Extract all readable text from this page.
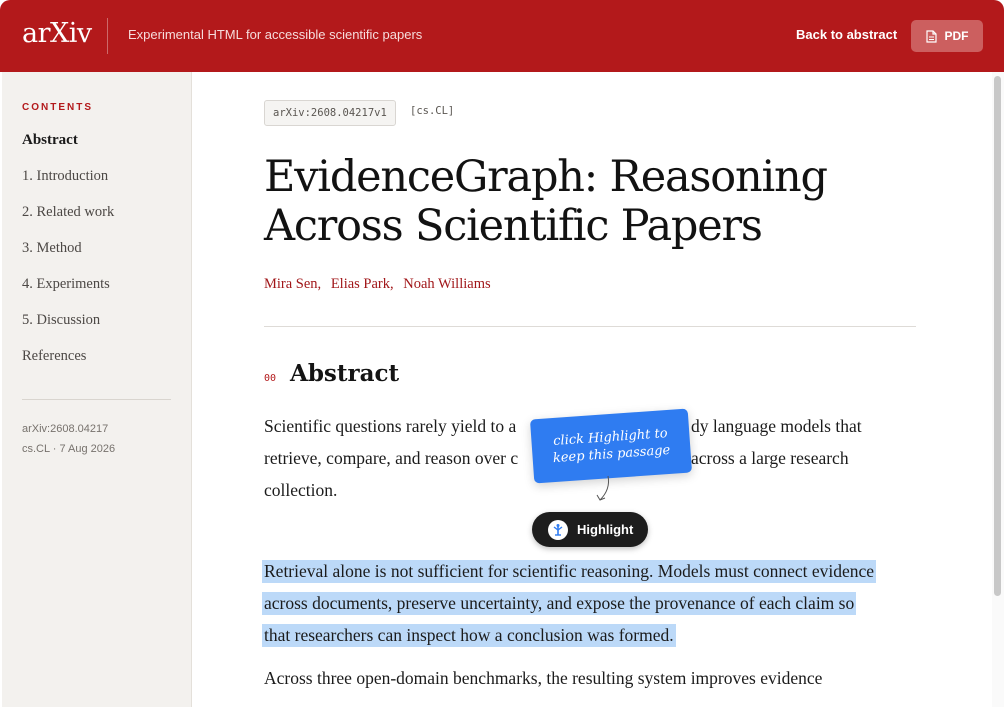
arXiv	Experimental HTML for accessible scientific papers	Back to abstract	PDF
CONTENTS
Abstract
1. Introduction
2. Related work
3. Method
4. Experiments
5. Discussion
References
arXiv:2608.04217
cs.CL · 7 Aug 2026
arXiv:2608.04217v1	[cs.CL]
EvidenceGraph: Reasoning
Across Scientific Papers
Mira Sen, Elias Park, Noah Williams
00 Abstract
Scientific questions rarely yield to a	dy language models that
retrieve, compare, and reason over c	across a large research
collection.
Retrieval alone is not sufficient for scientific reasoning. Models must connect evidence
across documents, preserve uncertainty, and expose the provenance of each claim so
that researchers can inspect how a conclusion was formed.
Across three open-domain benchmarks, the resulting system improves evidence
click Highlight to
keep this passage
Highlight
